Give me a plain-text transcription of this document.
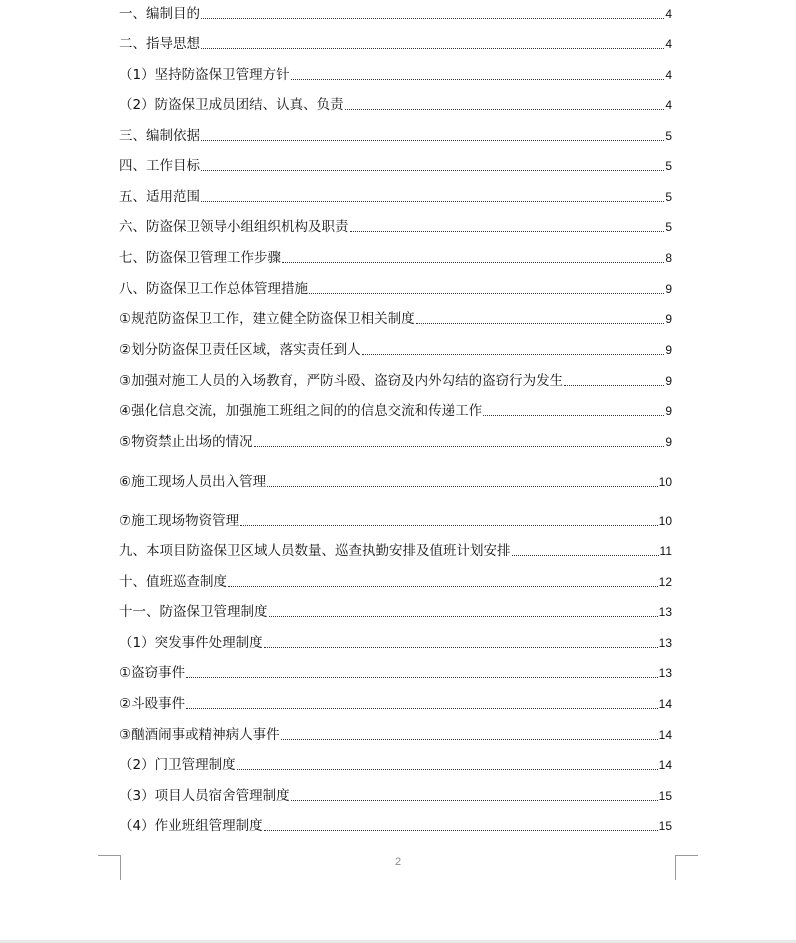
一、编制目的	4
二、指导思想	4
（1）坚持防盗保卫管理方针	4
（2）防盗保卫成员团结、认真、负责	4
三、编制依据	5
四、工作目标	5
五、适用范围	5
六、防盗保卫领导小组组织机构及职责	5
七、防盗保卫管理工作步骤	8
八、防盗保卫工作总体管理措施	9
①规范防盗保卫工作，建立健全防盗保卫相关制度	9
②划分防盗保卫责任区域，落实责任到人	9
③加强对施工人员的入场教育，严防斗殴、盗窃及内外勾结的盗窃行为发生	9
④强化信息交流，加强施工班组之间的的信息交流和传递工作	9
⑤物资禁止出场的情况	9
⑥施工现场人员出入管理	10
⑦施工现场物资管理	10
九、本项目防盗保卫区域人员数量、巡查执勤安排及值班计划安排	11
十、值班巡查制度	12
十一、防盗保卫管理制度	13
（1）突发事件处理制度	13
①盗窃事件	13
②斗殴事件	14
③酗酒闹事或精神病人事件	14
（2）门卫管理制度	14
（3）项目人员宿舍管理制度	15
（4）作业班组管理制度	15
2
